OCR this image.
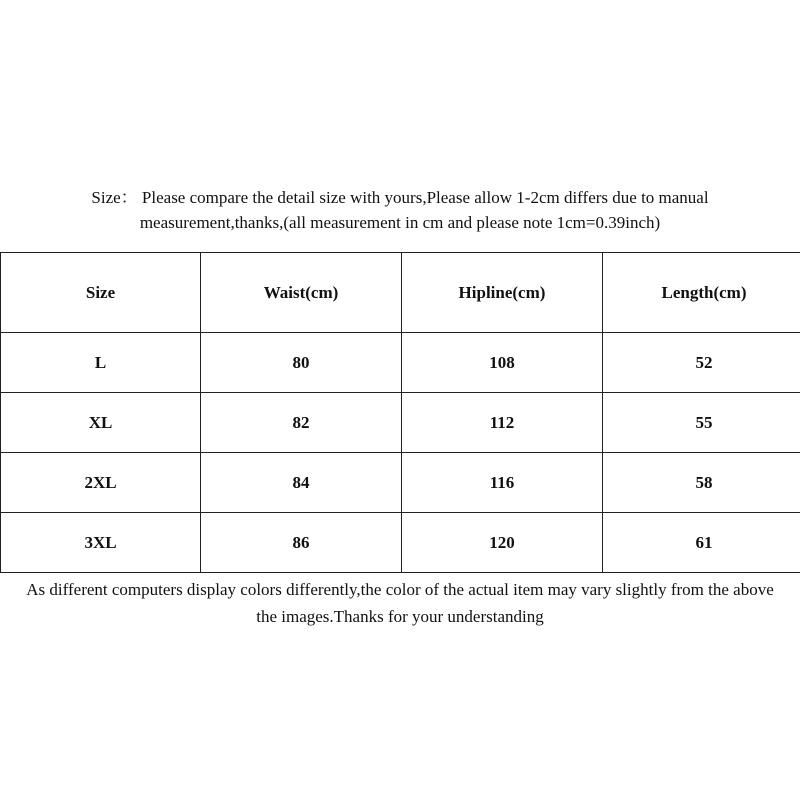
Size： Please compare the detail size with yours,Please allow 1-2cm differs due to manual
measurement,thanks,(all measurement in cm and please note 1cm=0.39inch)
Size	Waist(cm)	Hipline(cm)	Length(cm)
L	80	108	52
XL	82	112	55
2XL	84	116	58
3XL	86	120	61
As different computers display colors differently,the color of the actual item may vary slightly from the above
the images.Thanks for your understanding
